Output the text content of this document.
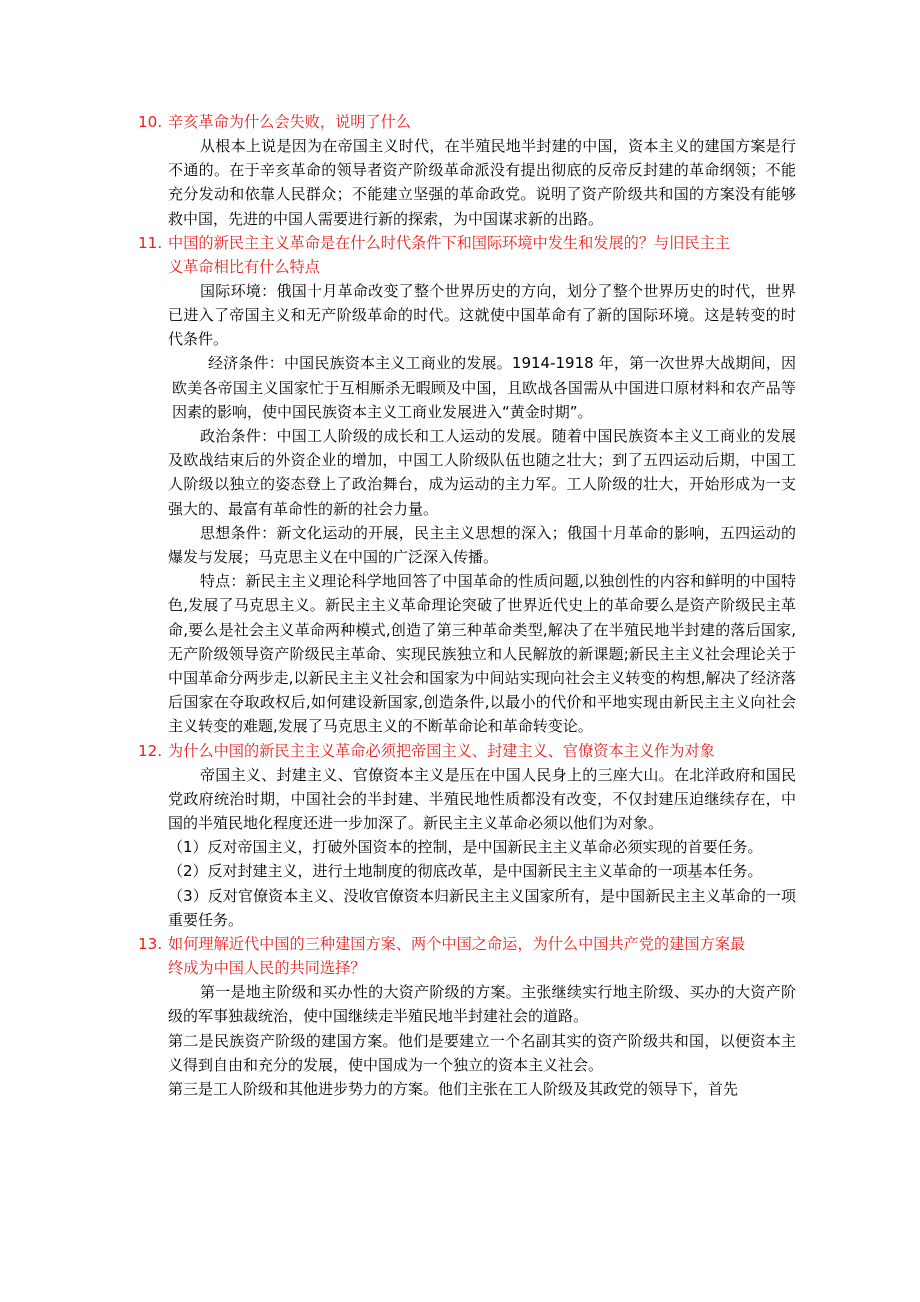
10. 辛亥革命为什么会失败，说明了什么

从根本上说是因为在帝国主义时代，在半殖民地半封建的中国，资本主义的建国方案是行不通的。在于辛亥革命的领导者资产阶级革命派没有提出彻底的反帝反封建的革命纲领；不能充分发动和依靠人民群众；不能建立坚强的革命政党。说明了资产阶级共和国的方案没有能够救中国，先进的中国人需要进行新的探索，为中国谋求新的出路。

11. 中国的新民主主义革命是在什么时代条件下和国际环境中发生和发展的？与旧民主主
义革命相比有什么特点

国际环境：俄国十月革命改变了整个世界历史的方向，划分了整个世界历史的时代，世界已进入了帝国主义和无产阶级革命的时代。这就使中国革命有了新的国际环境。这是转变的时代条件。

经济条件：中国民族资本主义工商业的发展。1914-1918 年，第一次世界大战期间，因欧美各帝国主义国家忙于互相厮杀无暇顾及中国，且欧战各国需从中国进口原材料和农产品等因素的影响，使中国民族资本主义工商业发展进入“黄金时期”。

政治条件：中国工人阶级的成长和工人运动的发展。随着中国民族资本主义工商业的发展及欧战结束后的外资企业的增加，中国工人阶级队伍也随之壮大；到了五四运动后期，中国工人阶级以独立的姿态登上了政治舞台，成为运动的主力军。工人阶级的壮大，开始形成为一支强大的、最富有革命性的新的社会力量。

思想条件：新文化运动的开展，民主主义思想的深入；俄国十月革命的影响，五四运动的爆发与发展；马克思主义在中国的广泛深入传播。

特点：新民主主义理论科学地回答了中国革命的性质问题,以独创性的内容和鲜明的中国特色,发展了马克思主义。新民主主义革命理论突破了世界近代史上的革命要么是资产阶级民主革命,要么是社会主义革命两种模式,创造了第三种革命类型,解决了在半殖民地半封建的落后国家,无产阶级领导资产阶级民主革命、实现民族独立和人民解放的新课题;新民主主义社会理论关于中国革命分两步走,以新民主主义社会和国家为中间站实现向社会主义转变的构想,解决了经济落后国家在夺取政权后,如何建设新国家,创造条件,以最小的代价和平地实现由新民主主义向社会主义转变的难题,发展了马克思主义的不断革命论和革命转变论。

12. 为什么中国的新民主主义革命必须把帝国主义、封建主义、官僚资本主义作为对象

帝国主义、封建主义、官僚资本主义是压在中国人民身上的三座大山。在北洋政府和国民党政府统治时期，中国社会的半封建、半殖民地性质都没有改变，不仅封建压迫继续存在，中国的半殖民地化程度还进一步加深了。新民主主义革命必须以他们为对象。

（1）反对帝国主义，打破外国资本的控制，是中国新民主主义革命必须实现的首要任务。

（2）反对封建主义，进行土地制度的彻底改革，是中国新民主主义革命的一项基本任务。

（3）反对官僚资本主义、没收官僚资本归新民主主义国家所有，是中国新民主主义革命的一项重要任务。

13. 如何理解近代中国的三种建国方案、两个中国之命运，为什么中国共产党的建国方案最
终成为中国人民的共同选择？

第一是地主阶级和买办性的大资产阶级的方案。主张继续实行地主阶级、买办的大资产阶级的军事独裁统治，使中国继续走半殖民地半封建社会的道路。

第二是民族资产阶级的建国方案。他们是要建立一个名副其实的资产阶级共和国，以便资本主义得到自由和充分的发展，使中国成为一个独立的资本主义社会。

第三是工人阶级和其他进步势力的方案。他们主张在工人阶级及其政党的领导下，首先
